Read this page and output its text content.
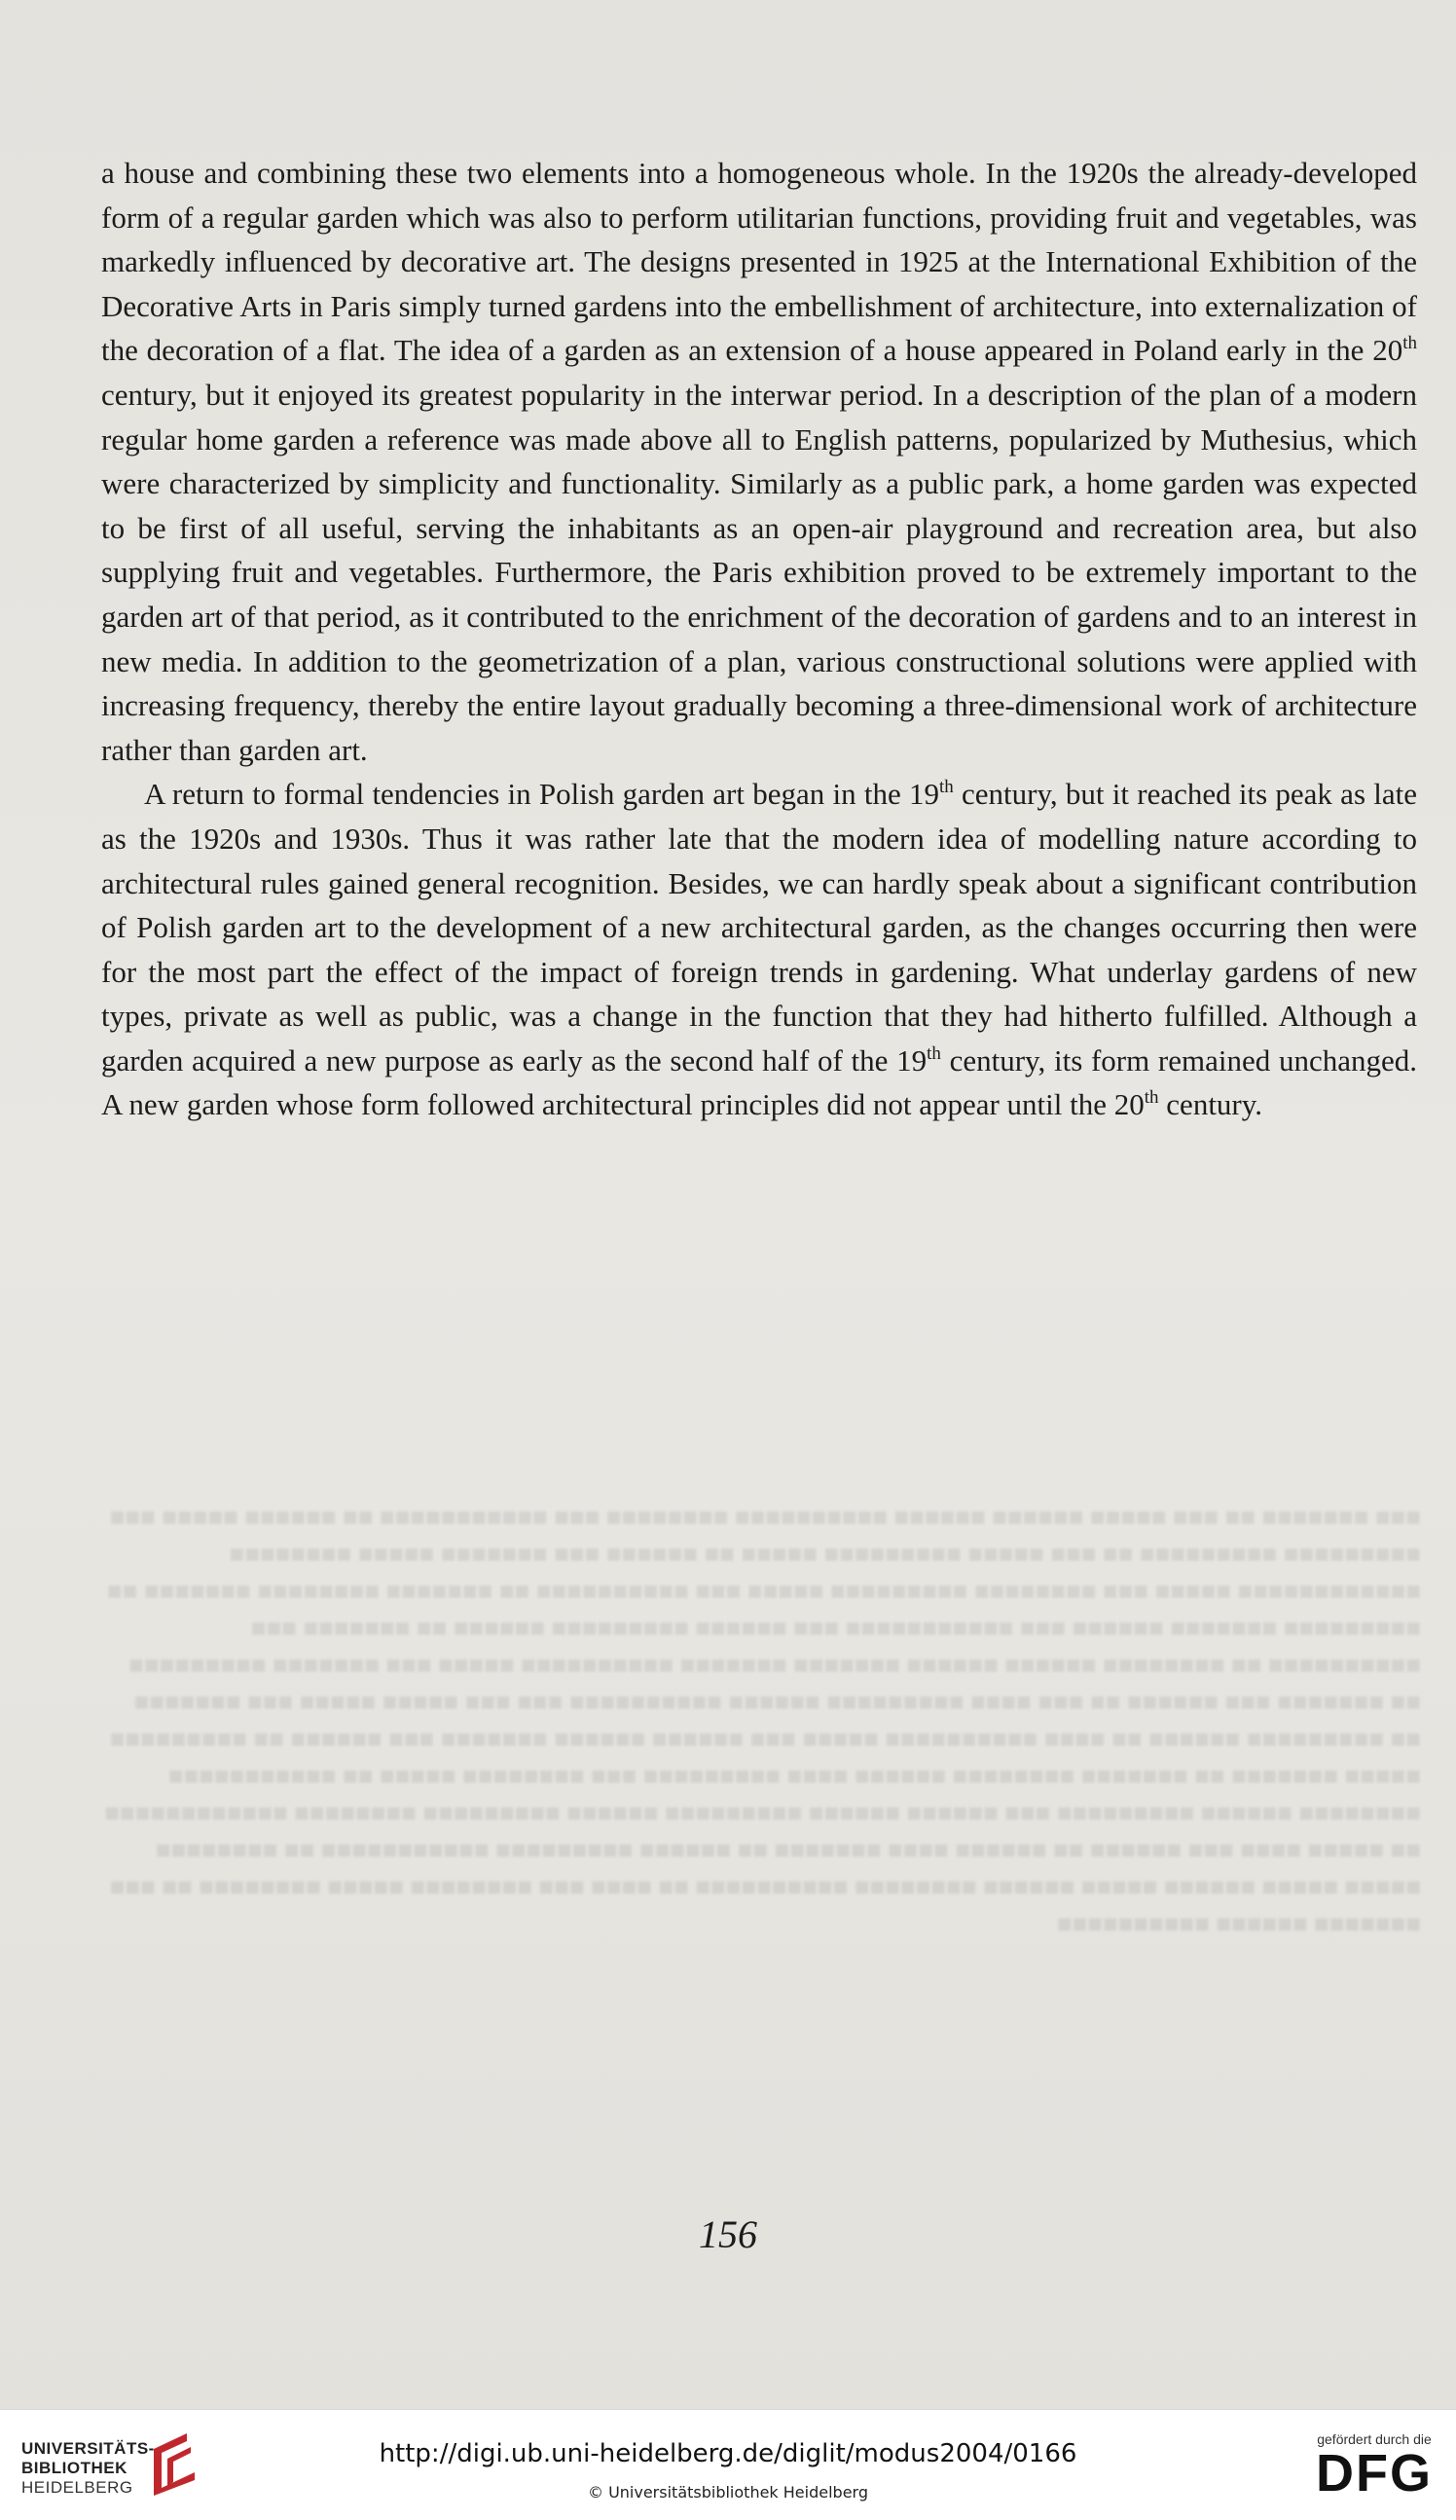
■■■ ■■■■■■■ ■■ ■■■ ■■■■■ ■■■■■■ ■■■■■■ ■■■■■■■■■■ ■■■■■■■■ ■■■ ■■■■■■■■■■■ ■■ ■■■■■■ ■■■■■ ■■■ ■■■■■■■■■ ■■■■■■■■■ ■■ ■■■ ■■■■■ ■■■■■■■■■ ■■■■■ ■■ ■■■■■■ ■■■ ■■■■■■■ ■■■■■ ■■■■■■■■ ■■■■■■■■■■■■ ■■■■■ ■■■ ■■■■■■■■ ■■■■■■■■■ ■■■■■ ■■■ ■■■■■■■■■■ ■■ ■■■■■■■ ■■■■■■■■ ■■■■■■■ ■■ ■■■■■■■■■ ■■■■■■■ ■■■■■■ ■■■ ■■■■■■■■■■■ ■■■ ■■■■■■ ■■■■■■■■■ ■■■■■■ ■■ ■■■■■■■ ■■■ ■■■■■■■■■■ ■■ ■■■■■■■■ ■■■■■■ ■■■■■■ ■■■■■■■ ■■■■■■■ ■■■■■■■■■■ ■■■■■ ■■■ ■■■■■■■ ■■■■■■■■■ ■■ ■■■■■■■ ■■■ ■■■■■■ ■■ ■■■ ■■■■ ■■■■■■■■■ ■■■■■■ ■■■■■■■■■■ ■■■ ■■■ ■■■■■ ■■■■■ ■■■ ■■■■■■■ ■■ ■■■■■■■■■ ■■■■■■ ■■ ■■■■ ■■■■■■■■■■ ■■■■■ ■■■ ■■■■■■ ■■■■■■ ■■■■■■■ ■■■ ■■■■■■ ■■ ■■■■■■■■■ ■■■■■ ■■■■■■■ ■■ ■■■■■■■ ■■■■■■■■ ■■■■■■ ■■■■ ■■■■■■■■■ ■■■ ■■■■■■■■ ■■■■■ ■■ ■■■■■■■■■■■ ■■■■■■■■ ■■■■■■ ■■■■■■■■■ ■■■ ■■■■■■ ■■■■■■ ■■■■■■■■■ ■■■■■■ ■■■■■■■■■ ■■■■■■■■ ■■■■■■■■■■■■ ■■ ■■■■■ ■■■■ ■■■ ■■■■■■ ■■ ■■■■■■ ■■■■ ■■■■■■■ ■■ ■■■■■■ ■■■■■■■■■ ■■■■■■■■■■■ ■■ ■■■■■■■■ ■■■■■ ■■■■■ ■■■■■■ ■■■■■ ■■■■■■ ■■■■■■■■ ■■■■■■■■■■ ■■ ■■■■ ■■■ ■■■■■■■■ ■■■■■ ■■■■■■■■ ■■ ■■■ ■■■■■■■ ■■■■■■ ■■■■■■■■■■

a house and combining these two elements into a homogeneous whole. In the 1920s the already-developed form of a regular garden which was also to perform utilitarian functions, providing fruit and vegetables, was markedly influenced by decorative art. The designs presented in 1925 at the International Exhibition of the Decorative Arts in Paris simply turned gardens into the embellishment of architecture, into externalization of the decoration of a flat. The idea of a garden as an extension of a house appeared in Poland early in the 20th century, but it enjoyed its greatest popularity in the interwar period. In a description of the plan of a modern regular home garden a reference was made above all to English patterns, popularized by Muthesius, which were characterized by simplicity and functionality. Similarly as a public park, a home garden was expected to be first of all useful, serving the inhabitants as an open-air playground and recreation area, but also supplying fruit and vegetables. Furthermore, the Paris exhibition proved to be extremely important to the garden art of that period, as it contributed to the enrichment of the decoration of gardens and to an interest in new media. In addition to the geometrization of a plan, various constructional solutions were applied with increasing frequency, thereby the entire layout gradually becoming a three-dimensional work of architecture rather than garden art.

A return to formal tendencies in Polish garden art began in the 19th century, but it reached its peak as late as the 1920s and 1930s. Thus it was rather late that the modern idea of modelling nature according to architectural rules gained general recognition. Besides, we can hardly speak about a significant contribution of Polish garden art to the development of a new architectural garden, as the changes occurring then were for the most part the effect of the impact of foreign trends in gardening. What underlay gardens of new types, private as well as public, was a change in the function that they had hitherto fulfilled. Although a garden acquired a new purpose as early as the second half of the 19th century, its form remained unchanged. A new garden whose form followed architectural principles did not appear until the 20th century.

156
UNIVERSITÄTS-
BIBLIOTHEK
HEIDELBERG
http://digi.ub.uni-heidelberg.de/diglit/modus2004/0166
© Universitätsbibliothek Heidelberg
gefördert durch die
DFG
